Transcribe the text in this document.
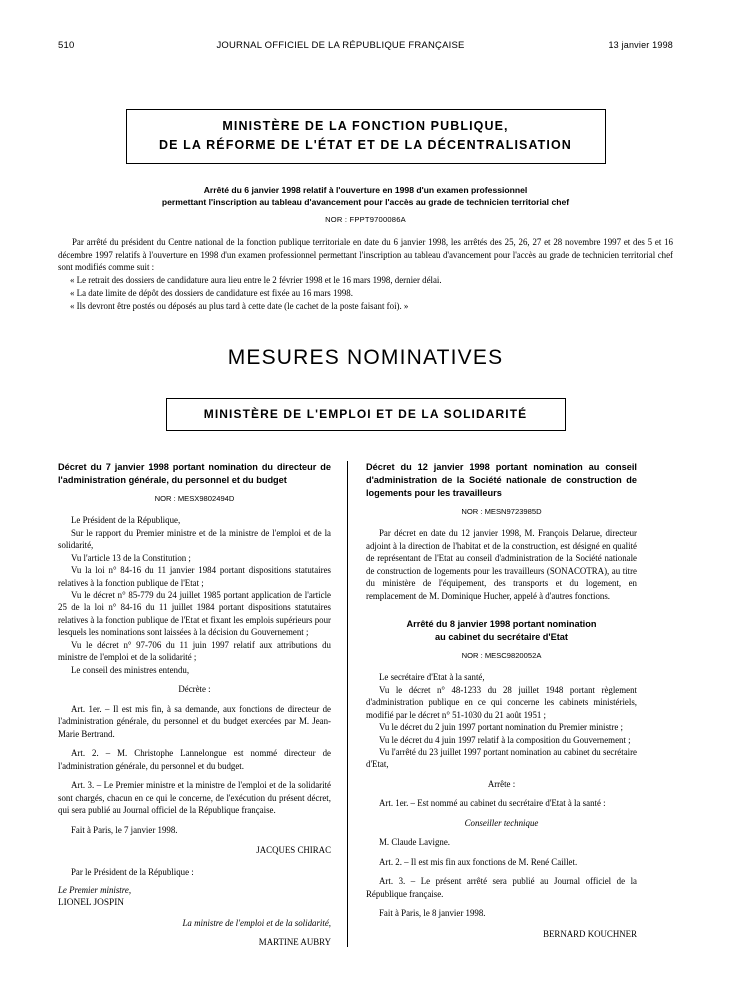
510	JOURNAL OFFICIEL DE LA RÉPUBLIQUE FRANÇAISE	13 janvier 1998
MINISTÈRE DE LA FONCTION PUBLIQUE,
DE LA RÉFORME DE L'ÉTAT ET DE LA DÉCENTRALISATION
Arrêté du 6 janvier 1998 relatif à l'ouverture en 1998 d'un examen professionnel
permettant l'inscription au tableau d'avancement pour l'accès au grade de technicien territorial chef
NOR : FPPT9700086A

Par arrêté du président du Centre national de la fonction publique territoriale en date du 6 janvier 1998, les arrêtés des 25, 26, 27 et 28 novembre 1997 et des 5 et 16 décembre 1997 relatifs à l'ouverture en 1998 d'un examen professionnel permettant l'inscription au tableau d'avancement pour l'accès au grade de technicien territorial chef sont modifiés comme suit :

« Le retrait des dossiers de candidature aura lieu entre le 2 février 1998 et le 16 mars 1998, dernier délai.

« La date limite de dépôt des dossiers de candidature est fixée au 16 mars 1998.

« Ils devront être postés ou déposés au plus tard à cette date (le cachet de la poste faisant foi). »

MESURES NOMINATIVES
MINISTÈRE DE L'EMPLOI ET DE LA SOLIDARITÉ
Décret du 7 janvier 1998 portant nomination du directeur de l'administration générale, du personnel et du budget
NOR : MESX9802494D

Le Président de la République,

Sur le rapport du Premier ministre et de la ministre de l'emploi et de la solidarité,

Vu l'article 13 de la Constitution ;

Vu la loi n° 84-16 du 11 janvier 1984 portant dispositions statutaires relatives à la fonction publique de l'Etat ;

Vu le décret n° 85-779 du 24 juillet 1985 portant application de l'article 25 de la loi n° 84-16 du 11 juillet 1984 portant dispositions statutaires relatives à la fonction publique de l'Etat et fixant les emplois supérieurs pour lesquels les nominations sont laissées à la décision du Gouvernement ;

Vu le décret n° 97-706 du 11 juin 1997 relatif aux attributions du ministre de l'emploi et de la solidarité ;

Le conseil des ministres entendu,

Décrète :

Art. 1er. – Il est mis fin, à sa demande, aux fonctions de directeur de l'administration générale, du personnel et du budget exercées par M. Jean-Marie Bertrand.

Art. 2. – M. Christophe Lannelongue est nommé directeur de l'administration générale, du personnel et du budget.

Art. 3. – Le Premier ministre et la ministre de l'emploi et de la solidarité sont chargés, chacun en ce qui le concerne, de l'exécution du présent décret, qui sera publié au Journal officiel de la République française.

Fait à Paris, le 7 janvier 1998.

JACQUES CHIRAC

Par le Président de la République :

Le Premier ministre,

LIONEL JOSPIN

La ministre de l'emploi et de la solidarité,
MARTINE AUBRY
Décret du 12 janvier 1998 portant nomination au conseil d'administration de la Société nationale de construction de logements pour les travailleurs
NOR : MESN9723985D

Par décret en date du 12 janvier 1998, M. François Delarue, directeur adjoint à la direction de l'habitat et de la construction, est désigné en qualité de représentant de l'Etat au conseil d'administration de la Société nationale de construction de logements pour les travailleurs (SONACOTRA), au titre du ministère de l'équipement, des transports et du logement, en remplacement de M. Dominique Hucher, appelé à d'autres fonctions.

Arrêté du 8 janvier 1998 portant nomination
au cabinet du secrétaire d'Etat
NOR : MESC9820052A

Le secrétaire d'Etat à la santé,

Vu le décret n° 48-1233 du 28 juillet 1948 portant règlement d'administration publique en ce qui concerne les cabinets ministériels, modifié par le décret n° 51-1030 du 21 août 1951 ;

Vu le décret du 2 juin 1997 portant nomination du Premier ministre ;

Vu le décret du 4 juin 1997 relatif à la composition du Gouvernement ;

Vu l'arrêté du 23 juillet 1997 portant nomination au cabinet du secrétaire d'Etat,

Arrête :

Art. 1er. – Est nommé au cabinet du secrétaire d'Etat à la santé :

Conseiller technique

M. Claude Lavigne.

Art. 2. – Il est mis fin aux fonctions de M. René Caillet.

Art. 3. – Le présent arrêté sera publié au Journal officiel de la République française.

Fait à Paris, le 8 janvier 1998.

BERNARD KOUCHNER
